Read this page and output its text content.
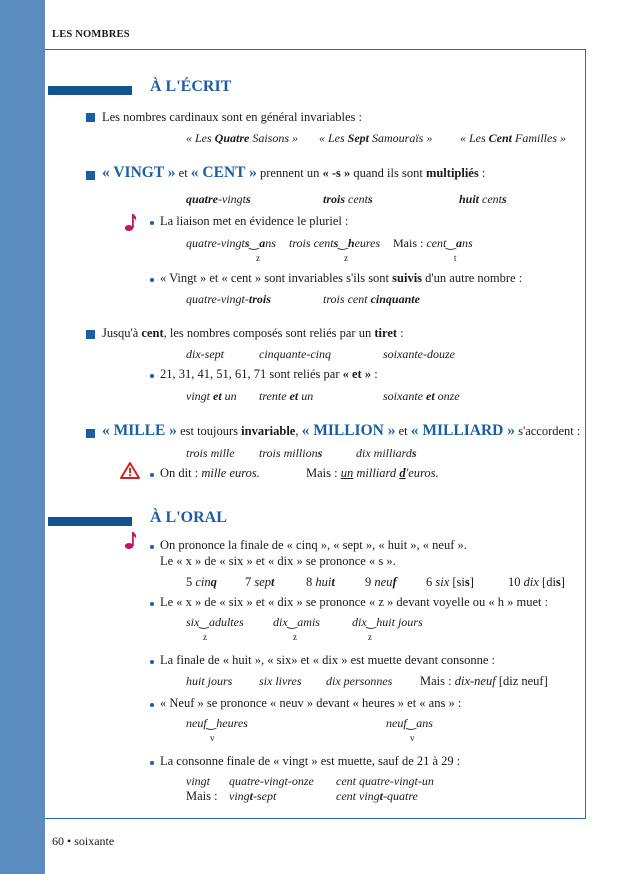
LES NOMBRES
À L'ÉCRIT
Les nombres cardinaux sont en général invariables :
« Les Quatre Saisons » « Les Sept Samouraïs » « Les Cent Familles »
« VINGT » et « CENT » prennent un « -s » quand ils sont multipliés :
quatre-vingts	trois cents	huit cents
La liaison met en évidence le pluriel :
quatre-vingts‿ans trois cents‿heures Mais : cent‿ans
z	z	t
« Vingt » et « cent » sont invariables s'ils sont suivis d'un autre nombre :
quatre-vingt-trois	trois cent cinquante
Jusqu'à cent, les nombres composés sont reliés par un tiret :
dix-sept	cinquante-cinq	soixante-douze
21, 31, 41, 51, 61, 71 sont reliés par « et » :
vingt et un trente et un	soixante et onze
« MILLE » est toujours invariable, « MILLION » et « MILLIARD » s'accordent :
trois mille trois millions	dix milliards
On dit : mille euros.	Mais : un milliard d'euros.
À L'ORAL
On prononce la finale de « cinq », « sept », « huit », « neuf ».
Le « x » de « six » et « dix » se prononce « s ».
5 cinq 7 sept	8 huit 9 neuf 6 six [sis]	10 dix [dis]
Le « x » de « six » et « dix » se prononce « z » devant voyelle ou « h » muet :
six‿adultes dix‿amis	dix‿huit jours
z	z	z
La finale de « huit », « six» et « dix » est muette devant consonne :
huit jours six livres dix personnes Mais : dix-neuf [diz neuf]
« Neuf » se prononce « neuv » devant « heures » et « ans » :
neuf‿heures	neuf‿ans
v	v
La consonne finale de « vingt » est muette, sauf de 21 à 29 :
vingt quatre-vingt-onze cent quatre-vingt-un
Mais : vingt-sept	cent vingt-quatre
60 • soixante
